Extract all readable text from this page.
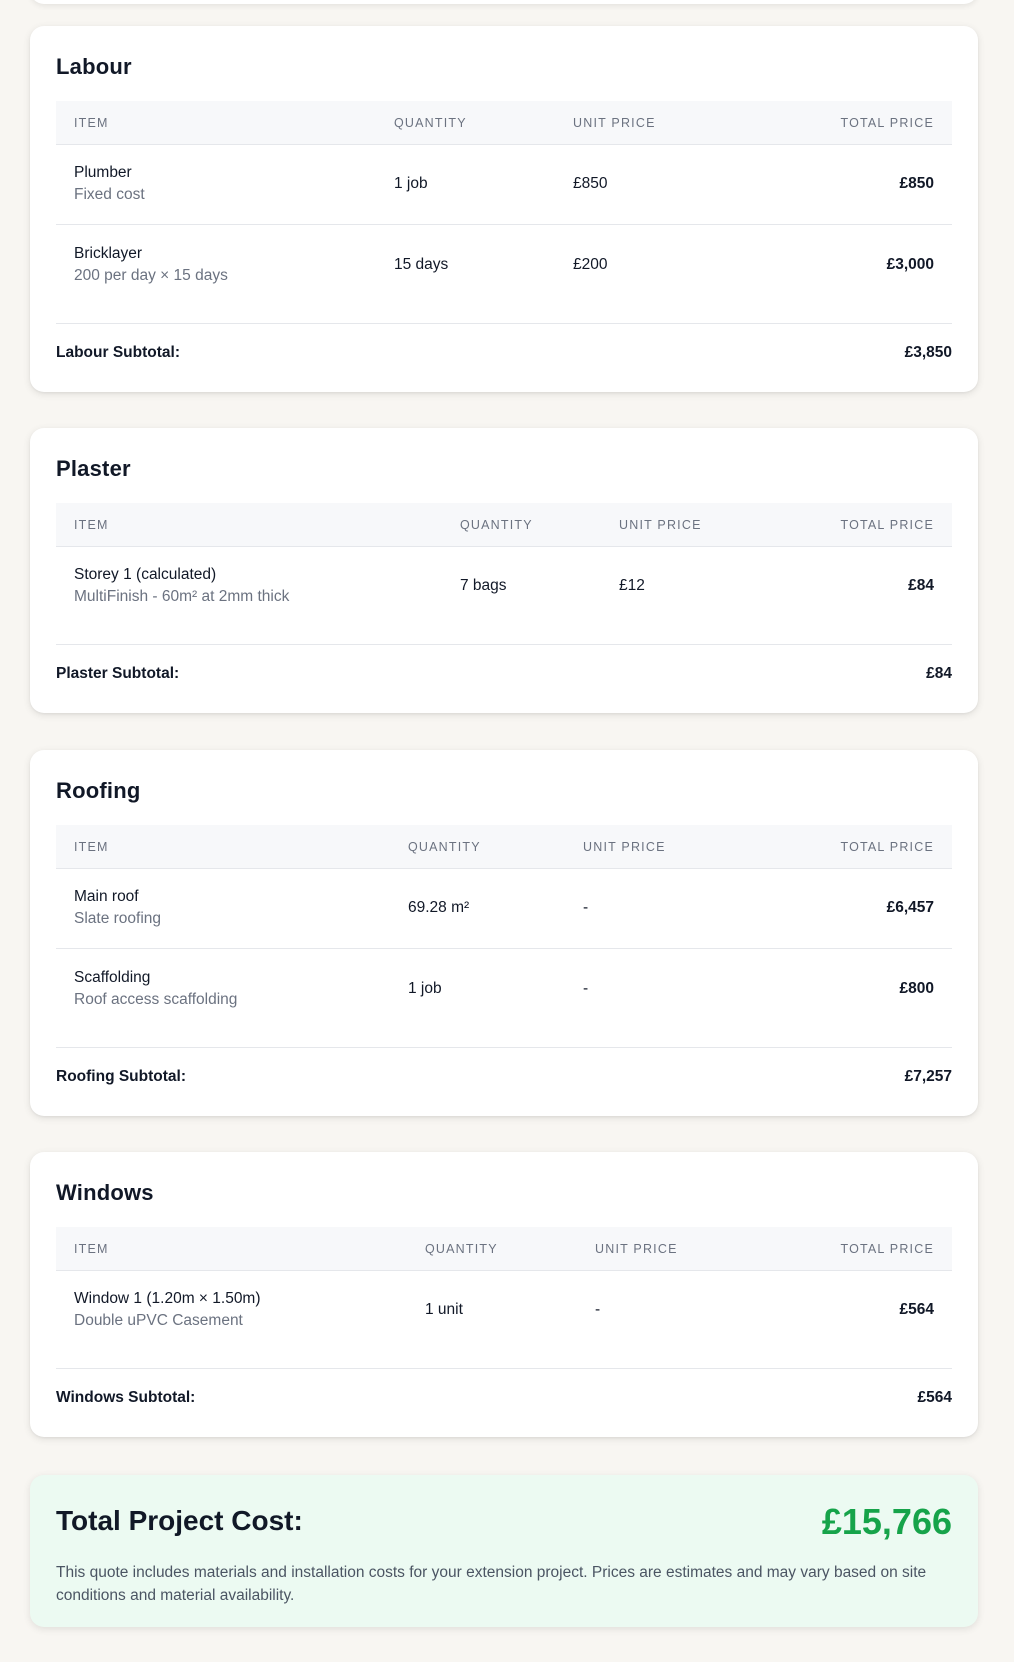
Labour
ITEM	QUANTITY	UNIT PRICE	TOTAL PRICE
Plumber
Fixed cost
1 job	£850	£850
Bricklayer
200 per day × 15 days
15 days	£200	£3,000
Labour Subtotal:	£3,850
Plaster
ITEM	QUANTITY	UNIT PRICE	TOTAL PRICE
Storey 1 (calculated)
MultiFinish - 60m² at 2mm thick
7 bags	£12	£84
Plaster Subtotal:	£84
Roofing
ITEM	QUANTITY	UNIT PRICE	TOTAL PRICE
Main roof
Slate roofing
69.28 m²	-	£6,457
Scaffolding
Roof access scaffolding
1 job	-	£800
Roofing Subtotal:	£7,257
Windows
ITEM	QUANTITY	UNIT PRICE	TOTAL PRICE
Window 1 (1.20m × 1.50m)
Double uPVC Casement
1 unit	-	£564
Windows Subtotal:	£564
Total Project Cost:	£15,766

This quote includes materials and installation costs for your extension project. Prices are estimates and may vary based on site conditions and material availability.
